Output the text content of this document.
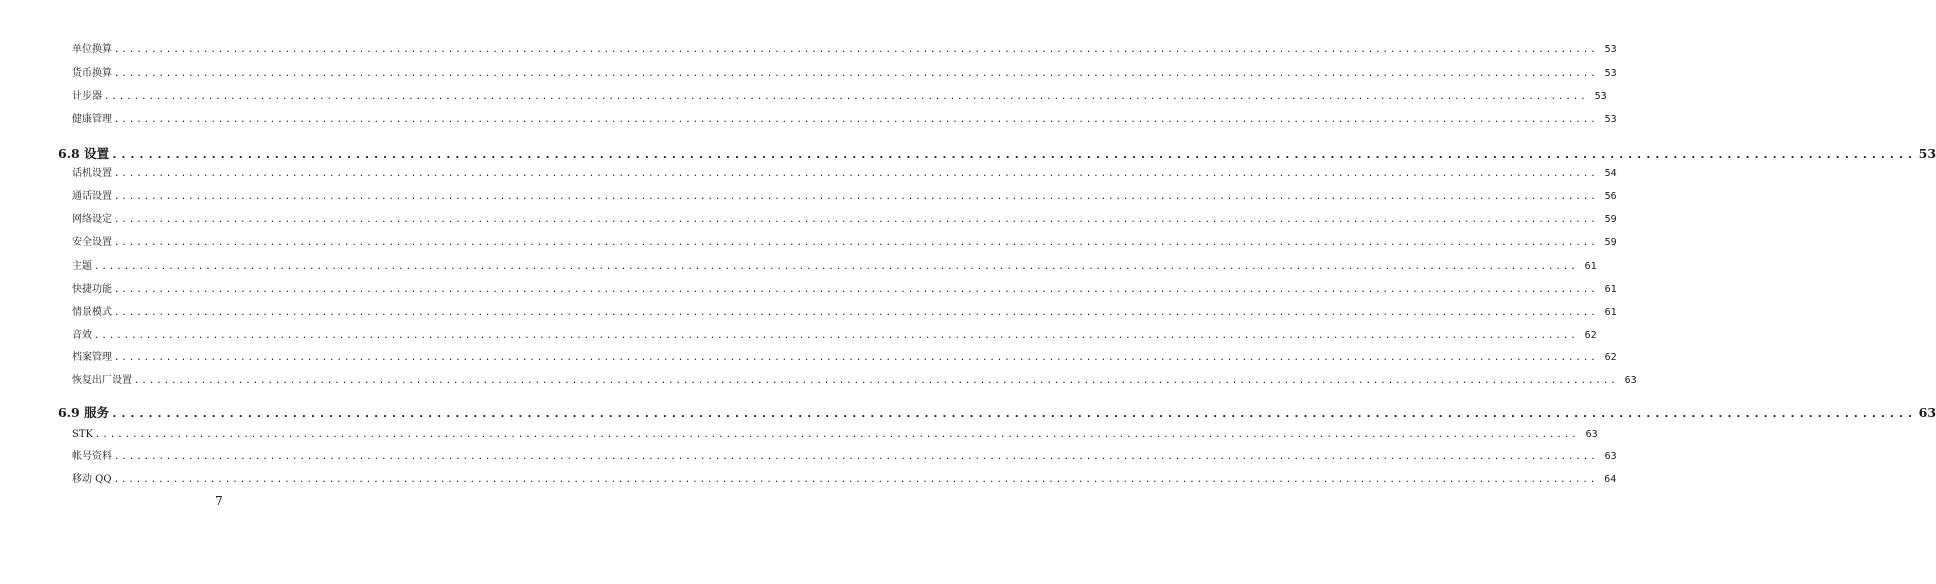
单位换算 ........................................................................................................................................................................................................ 53
货币换算 ........................................................................................................................................................................................................ 53
计步器 ........................................................................................................................................................................................................ 53
健康管理 ........................................................................................................................................................................................................ 53
6.8 设置 ........................................................................................................................................................................................................ 53
话机设置 ........................................................................................................................................................................................................ 54
通话设置 ........................................................................................................................................................................................................ 56
网络设定 ........................................................................................................................................................................................................ 59
安全设置 ........................................................................................................................................................................................................ 59
主题 ........................................................................................................................................................................................................ 61
快捷功能 ........................................................................................................................................................................................................ 61
情景模式 ........................................................................................................................................................................................................ 61
音效 ........................................................................................................................................................................................................ 62
档案管理 ........................................................................................................................................................................................................ 62
恢复出厂设置 ........................................................................................................................................................................................................ 63
6.9 服务 ........................................................................................................................................................................................................ 63
STK ........................................................................................................................................................................................................ 63
帐号资料 ........................................................................................................................................................................................................ 63
移动 QQ ........................................................................................................................................................................................................ 64
7
